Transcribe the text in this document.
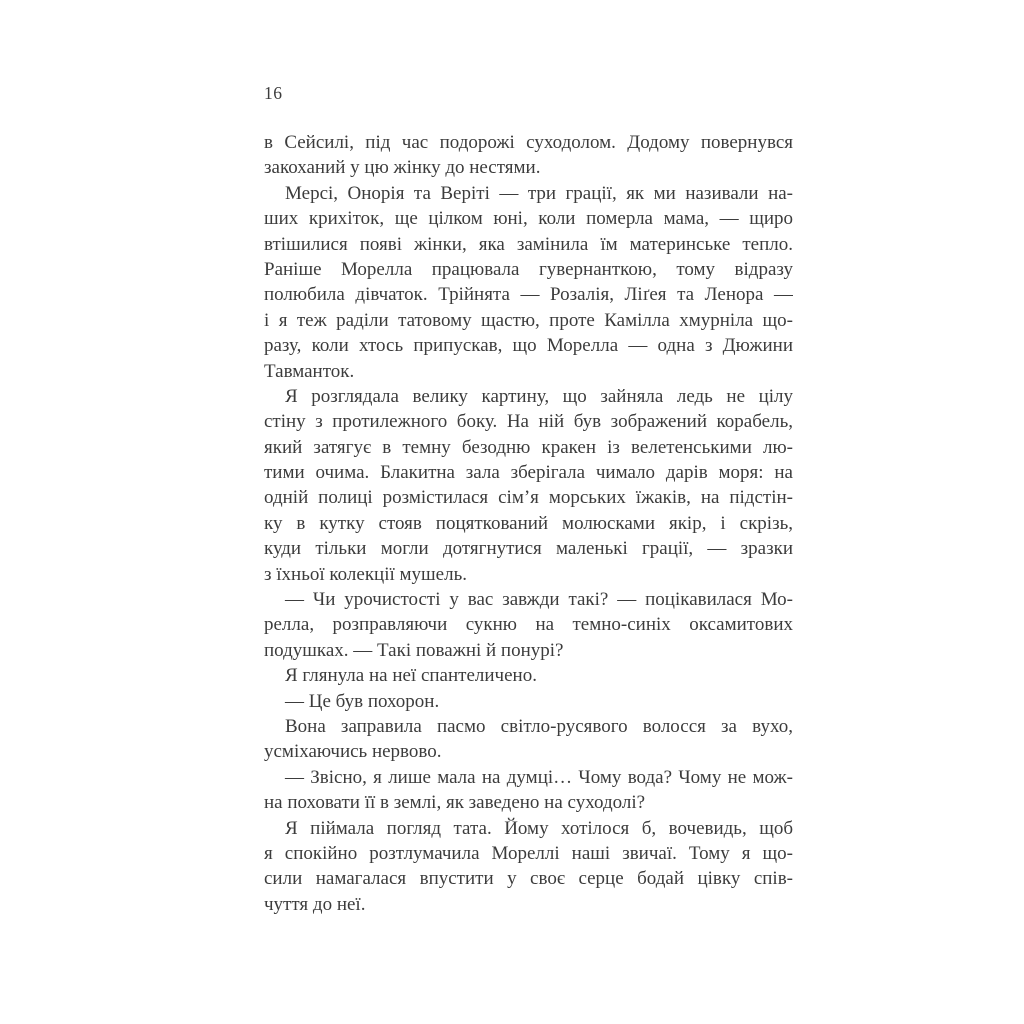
16
в Сейсилі, під час подорожі суходолом. Додому повернувся
закоханий у цю жінку до нестями.
Мерсі, Онорія та Веріті — три грації, як ми називали на-
ших крихіток, ще цілком юні, коли померла мама, — щиро
втішилися появі жінки, яка замінила їм материнське тепло.
Раніше Морелла працювала гувернанткою, тому відразу
полюбила дівчаток. Трійнята — Розалія, Ліґея та Ленора —
і я теж раділи татовому щастю, проте Камілла хмурніла що-
разу, коли хтось припускав, що Морелла — одна з Дюжини
Тавманток.
Я розглядала велику картину, що зайняла ледь не цілу
стіну з протилежного боку. На ній був зображений корабель,
який затягує в темну безодню кракен із велетенськими лю-
тими очима. Блакитна зала зберігала чимало дарів моря: на
одній полиці розмістилася сім’я морських їжаків, на підстін-
ку в кутку стояв поцяткований молюсками якір, і скрізь,
куди тільки могли дотягнутися маленькі грації, — зразки
з їхньої колекції мушель.
— Чи урочистості у вас завжди такі? — поцікавилася Мо-
релла, розправляючи сукню на темно-синіх оксамитових
подушках. — Такі поважні й понурі?
Я глянула на неї спантеличено.
— Це був похорон.
Вона заправила пасмо світло-русявого волосся за вухо,
усміхаючись нервово.
— Звісно, я лише мала на думці… Чому вода? Чому не мож-
на поховати її в землі, як заведено на суходолі?
Я піймала погляд тата. Йому хотілося б, вочевидь, щоб
я спокійно розтлумачила Мореллі наші звичаї. Тому я що-
сили намагалася впустити у своє серце бодай цівку спів-
чуття до неї.
